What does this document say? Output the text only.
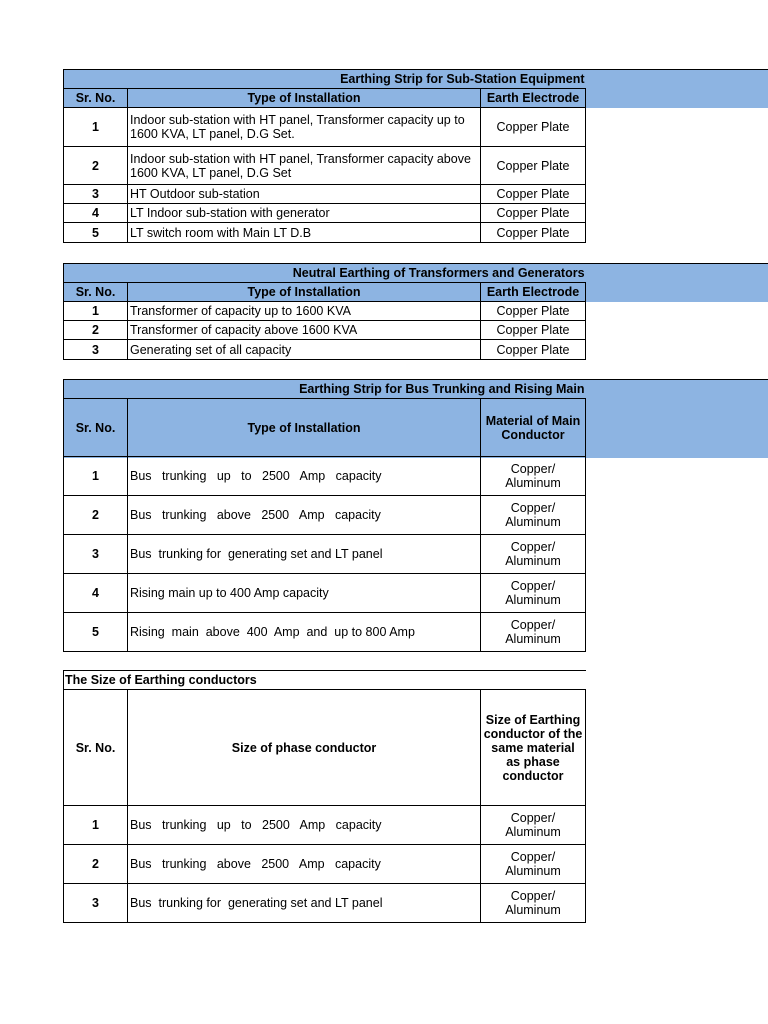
Earthing Strip for Sub-Station Equipment		
Sr. No.	Type of Installation	Earth Electrode
1	Indoor sub-station with HT panel, Transformer capacity up to 1600 KVA, LT panel, D.G Set.	Copper Plate
2	Indoor sub-station with HT panel, Transformer capacity above 1600 KVA, LT panel, D.G Set	Copper Plate
3	HT Outdoor sub-station	Copper Plate
4	LT Indoor sub-station with generator	Copper Plate
5	LT switch room with Main LT D.B	Copper Plate
Neutral Earthing of Transformers and Generators		
Sr. No.	Type of Installation	Earth Electrode
1	Transformer of capacity up to 1600 KVA	Copper Plate
2	Transformer of capacity above 1600 KVA	Copper Plate
3	Generating set of all capacity	Copper Plate
Earthing Strip for Bus Trunking and Rising Main		
Sr. No.	Type of Installation	Material of Main Conductor
1	Bus   trunking   up   to   2500   Amp   capacity	Copper/ Aluminum
2	Bus   trunking   above   2500   Amp   capacity	Copper/ Aluminum
3	Bus  trunking for  generating set and LT panel	Copper/ Aluminum
4	Rising main up to 400 Amp capacity	Copper/ Aluminum
5	Rising  main  above  400  Amp  and  up to 800 Amp	Copper/ Aluminum
The Size of Earthing conductors		
Sr. No.	Size of phase conductor	Size of Earthing conductor of the same material as phase conductor
1	Bus   trunking   up   to   2500   Amp   capacity	Copper/ Aluminum
2	Bus   trunking   above   2500   Amp   capacity	Copper/ Aluminum
3	Bus  trunking for  generating set and LT panel	Copper/ Aluminum
